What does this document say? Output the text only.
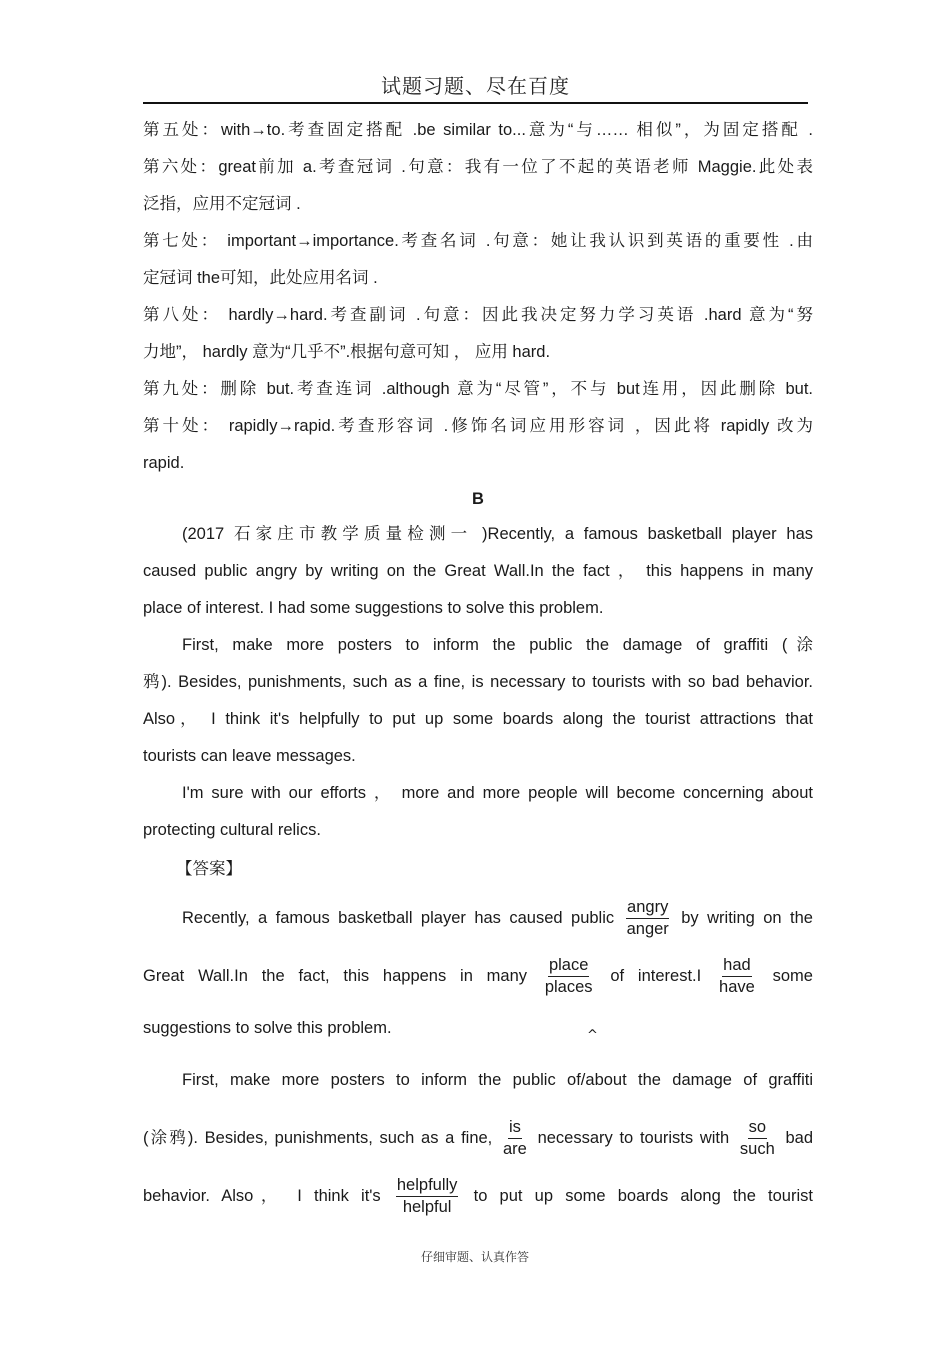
试题习题、尽在百度
第五处：with→to.考查固定搭配 .be similar to...意为“与…… 相似”，为固定搭配 .
第六处：great前加 a.考查冠词 .句意：我有一位了不起的英语老师 Maggie.此处表
泛指，应用不定冠词 .
第七处： important→importance.考查名词 .句意：她让我认识到英语的重要性 .由
定冠词 the可知，此处应用名词 .
第八处： hardly→hard.考查副词 .句意：因此我决定努力学习英语 .hard 意为“努
力地”， hardly 意为“几乎不”.根据句意可知 ， 应用 hard.
第九处：删除 but.考查连词 .although 意为“尽管”，不与 but连用，因此删除 but.
第十处： rapidly→rapid.考查形容词 .修饰名词应用形容词 ，因此将 rapidly 改为
rapid.
B
(2017 石家庄市教学质量检测一 )Recently, a famous basketball player has
caused public angry by writing on the Great Wall.In the fact ， this happens in many
place of interest. I had some suggestions to solve this problem.
First, make more posters to inform the public the damage of graffiti (涂
鸦). Besides, punishments, such as a fine, is necessary to tourists with so bad behavior.
Also， I think it's helpfully to put up some boards along the tourist attractions that
tourists can leave messages.
I'm sure with our efforts ， more and more people will become concerning about
protecting cultural relics.
【答案】
Recently, a famous basketball player has caused public
angry
anger
by writing on the
Great Wall.In the fact, this happens in many
place
places
of interest.I
had
have
some
suggestions to solve this problem.
First, make more posters to inform the public
^
of/about the damage of graffiti
(涂鸦). Besides, punishments, such as a fine,
is
are
necessary to tourists with
so
such
bad
behavior. Also， I think it's
helpfully
helpful
to put up some boards along the tourist
仔细审题、认真作答
